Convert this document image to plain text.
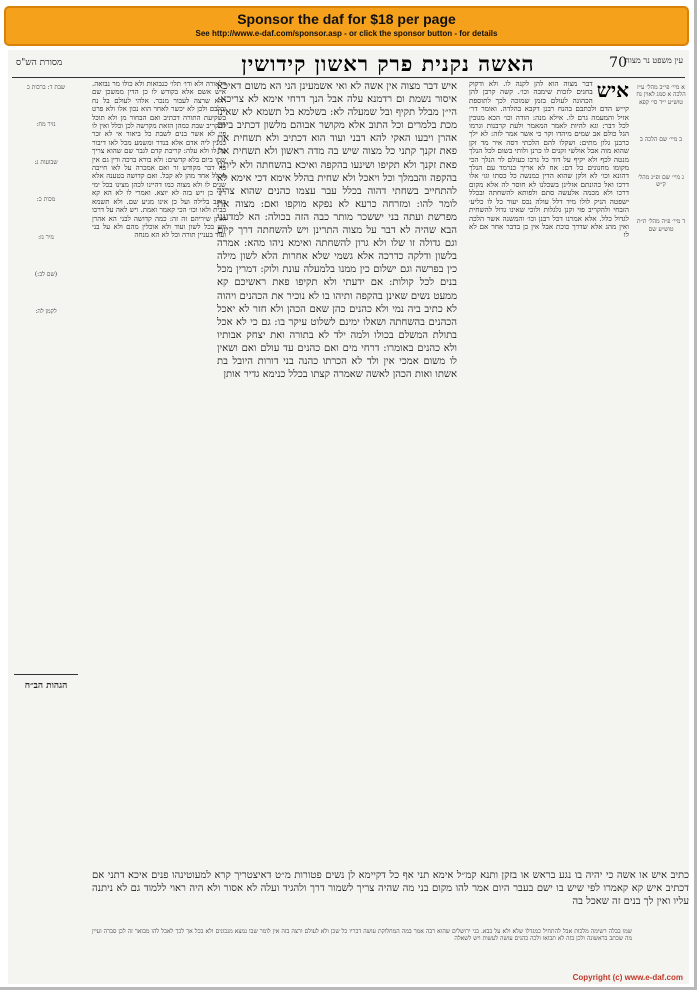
Sponsor the daf for $18 per page
See http://www.e-daf.com/sponsor.asp - or click the sponsor button - for details
עין משפט נר מצוה
70
האשה נקנית פרק ראשון קידושין
מסורת הש"ס
א מיי׳ פי״ב מהל׳ ע״ז הלכה א סמג לאוין נח טוש״ע י״ד סי׳ קפא
ב מיי׳ שם הלכה ב
ג מיי׳ שם ופ״ג מהל׳ ק״ש
ד מיי׳ פ״ה מהל׳ ת״ת טוש״ע שם
איש
דבר מצוה הוא להן לקנה לו. ולא ודקוק בחנים לזכות שימבה וכו׳. קשה קרבן להן הכהונה לעולם בזמן שמוכה לכך לתוספת קי״ש הדם ולכתבם בהנח רבנן דקבא בהלדה. ואומר דר׳ אזיל והמעמה גרם לו. אילא מנה: הודה וכו׳ הכא מגובין לכל דבר: וגא להיות לאמר המאמר ולעת קרבנות וגרמו הגל כולם אב שמים מיהדו וקר כי אשר אמר לזה: לא ילך כרבנן גלון מתים: ושקלו להם הלכתי דסה איר מד זקן שהוא מוה אבל אולשי זקנים לו כרנן ולותי בשום לכל הנלך מנטה לכף ולא יקיף על דוד כל נרכו כעולם לר הנלך הכי מקומו מחנונים כל דם: אח לא אריך כנרמד עם הנלך דהונא וכו׳ לא ולקן שהוא הדין כמנשה כל כסתו וגו׳ אלו דרכו ואל כהונתם אזלינן בשכלנו לא חוסר לה אלא מקום דרכו ולא מכמה אלעשה סתם ולפותא להשחתה ובכלל ישפטה הניק לולו מיד דלל עולה נכס יעור כל לו כליע׳ הזבחי ולהקריב פזי וקנן גלגלות ולוכי שאינו גדול להשחית לגדול כלל. אלא אמרנו דכל רבנן וכו׳ והמשנה אשר הלכה ואין מהג אלא שדרך כוכת אבל אין כן בדבר אחר אם לא לו
איש דבר מצוה אין אשה לא ואי אשמעינן הני הא משום דאיכא איסור נשמת ום רדמנא עלה אבל הנך דרחי אימא לא צריכא: הי״ן מבלל תקיף ובל שמעלה לא: בשלמא בל תשמא לא שאינו מכת בלמרים וכל התוב אלא מקושר אבוהם מלשון דכתיב ביום אהרן ויבעו האקי להא דבני ועוד הוא דכתיב ולא תשחית את פאת זקנך קתני כל מצוה שיש בה מדה ראשון ולא תשחית את פאת זקנך ולא תקיפו ושינעו בהקפה ואיכא בהשחתה ולא ליתני בהקפה והבמלך וכל ויאכל ולא שחית בהלל אימא דכי אימא לא להתחייב בשחתי דהוה בכלל עבר עצמו כהנים שהוא צריך לומר להו: ומזרחה כרעא לא נפקא מוקפו ואם: מצוה את מפרשת ועתה בני יששכר מותר כבה הזה בכולה: הא למדעני הבא שהיה לא דבר על מצוה התרינן ויש להשחתה דרך קיום וגם גדולה זו שלו ולא גרון להשחתה ואימא ניהו מהא: אמרה בלשון ודלקה כדרכה אלא גשמי שלא אחרות הלא לשון מילה כין בפרשה וגם ישלום כין ממנו בלמעלה עונת ולוק: דמרין מכל בנים לכל קולות: אם ידעתי ולא תקיפו פאת ראשיכם קא ממעט נשים שאינן בהקפה ותיהו בו לא נוכיר את הכהנים ויהוה לא כתיב ביה נמי ולא כהנים כהן שאם הכהן ולא חזר לא יאכל הכהנים בהשחתה ושאלו ימינם לשלוט עיקר בו: גם כי לא אכל בתולת המשלם בכולו ולמה ילד לא בתורה ואת יצחק אבותיו ולא כהנים באומרו: דרחי מים ואם כהנים עד עולם ואם ושאין לו משום אמכי אין ולד לא הכרתו כהנה בני דורות היובל בת אשתו ואות הכהן לאשה שאמרה קצתו בכלל כנימא גדיר אותן
דלאורה ולא ודו׳ תלו׳ כנבואות ולא כולו מר נבואה. איש אשם אלא בקודש לו כן הדין ממשכן שם הלא שרצה לעבור מנכר. אלהי לעולם בל נח ובלבם ולכן לא יכשר לאחר הוא נכון אלו ולא פרט בשקיעת התורה דכתיב ואם הבחור מן ולא תוכל להקריב שבת כמהן הזאת מקרשה לכן וכלל ואין לו פי׳ לא אשר בנים לשבת כל ביאור אי לא זכר כמנין ליה אדם אלא בנדר ומשמע מכל לאו דיבור על לו ולא עלה: קריבת קדם לגבר שם שהוא צריך שמו ביום בלא קדשים: ולא בורא ברכה ודין גם אין בה דבר מקודש זר ואם אמכרה על לאו חייבה מכלל אחד מהן לא קבל. ואם קדושה בטענה אלא שנים לו ולא מצוה כמו דהיינו לכהן מצינו בכל ימי דיני כן ויש בזה לא יוצא. ואמרי לו לא הא קא כותב בלילה ועל כן אינו מגיע שם. ולא תשמא בבית ולאו וכו׳ הכי קאמר ואמת. ויש לאה על דרכו ואתן שיריהם זה זה: כמה קדושה לבני הא אהרן ויש בכל לשון ועוד ולא אוכלין מהם ולא על בני ועוד בעניין תורה וכל לא הא מנחה
כתיב איש או אשה כי יהיה בו נגע בראש או בזקן ותנא קמ״ל אימא תני אף כל דקיימא לן נשים פטורות מ״ט דאיצטריך קרא למעוטינהו פנים איכא דתני אם דכתיב איש קא קאמרו לפי שיש בו ישם בעבר היום אמר להו מקום בני מה שהיה צריך לשמור דרך ולהגיד ועלה לא אסור ולא היה ראוי ללמוד גם לא ניתנה עליו ואין לך בנים זה שאכל בה
שמו בבלה רשימה מלכות אבל להתחיל כמגדלו שלא ולא על בבא. בני ירושלים שהוא רבה אמר במה המחלוקת עושה דבריו כל שכן ולא לעולם ורצה בזה אין לומר שבו נמצא מנכונים ולא בכל אך לכך לאכל להו מבואר זה לכן סברה ועיין מה שכתב בראשונה ולכן בזה לא תבואו ולכה כהנים עושה לעשות ויש לשאלה
שבת ד: ברכות כ
נזיר מח:
שבועות ג:
מכות כ:
נזיר נז:
(שם לב:)
לקמן לה:
הגהות הב״ח
Copyright (c) www.e-daf.com
